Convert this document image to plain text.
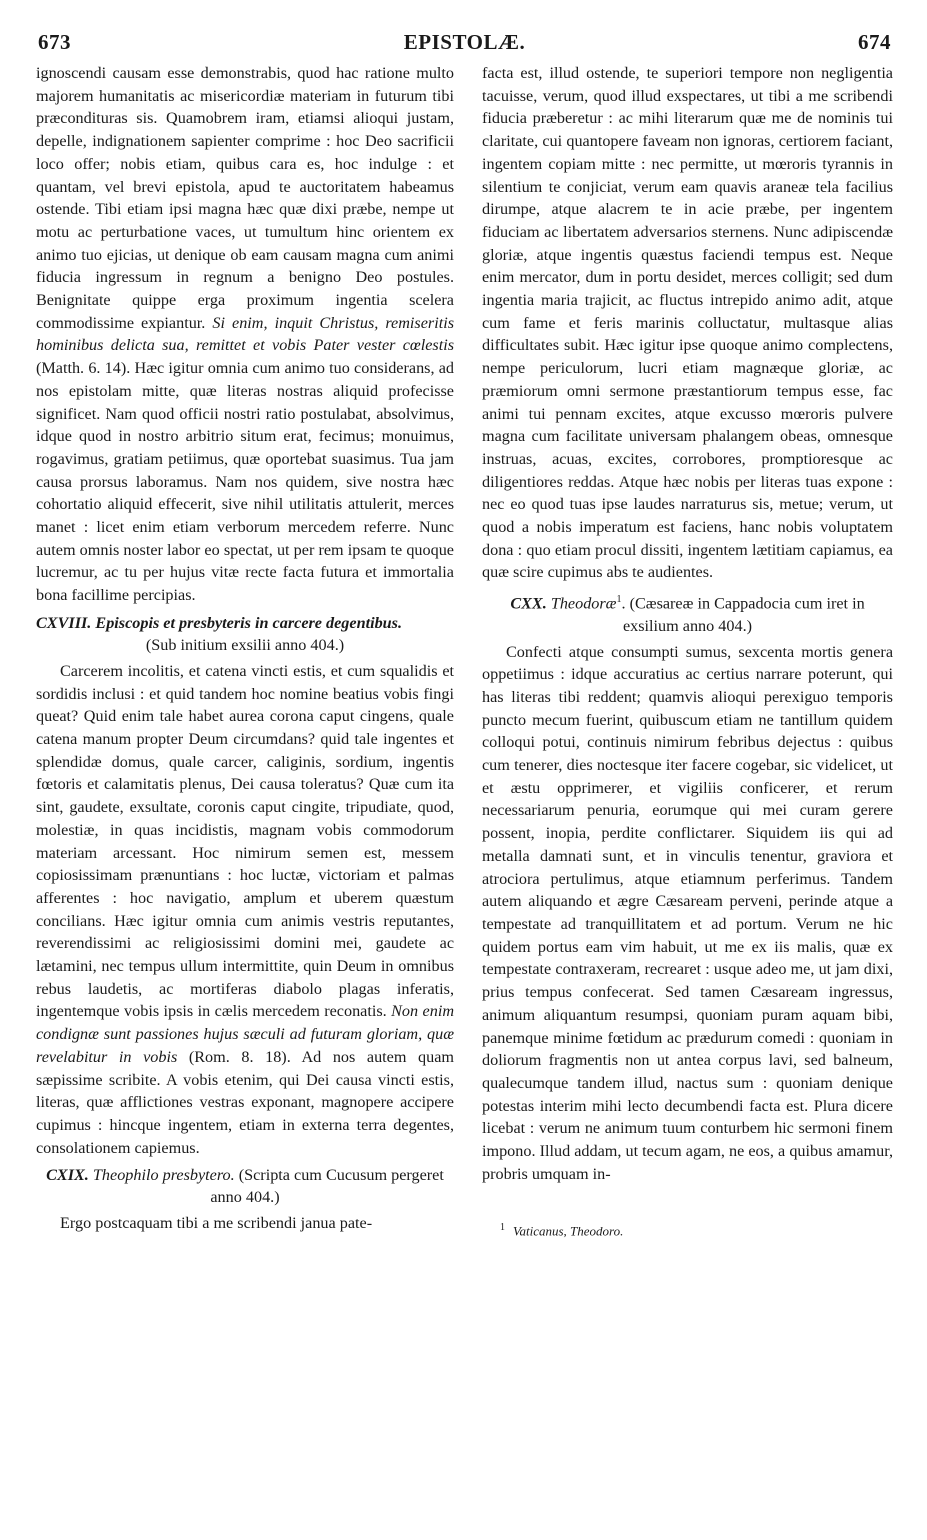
673	EPISTOLÆ.	674

ignoscendi causam esse demonstrabis, quod hac ratione multo majorem humanitatis ac misericordiæ materiam in futurum tibi præcondituras sis. Quamobrem iram, etiamsi alioqui justam, depelle, indignationem sapienter comprime : hoc Deo sacrificii loco offer; nobis etiam, quibus cara es, hoc indulge : et quantam, vel brevi epistola, apud te auctoritatem habeamus ostende. Tibi etiam ipsi magna hæc quæ dixi præbe, nempe ut motu ac perturbatione vaces, ut tumultum hinc orientem ex animo tuo ejicias, ut denique ob eam causam magna cum animi fiducia ingressum in regnum a benigno Deo postules. Benignitate quippe erga proximum ingentia scelera commodissime expiantur. Si enim, inquit Christus, remiseritis hominibus delicta sua, remittet et vobis Pater vester cœlestis (Matth. 6. 14). Hæc igitur omnia cum animo tuo considerans, ad nos epistolam mitte, quæ literas nostras aliquid profecisse significet. Nam quod officii nostri ratio postulabat, absolvimus, idque quod in nostro arbitrio situm erat, fecimus; monuimus, rogavimus, gratiam petiimus, quæ oportebat suasimus. Tua jam causa prorsus laboramus. Nam nos quidem, sive nostra hæc cohortatio aliquid effecerit, sive nihil utilitatis attulerit, merces manet : licet enim etiam verborum mercedem referre. Nunc autem omnis noster labor eo spectat, ut per rem ipsam te quoque lucremur, ac tu per hujus vitæ recte facta futura et immortalia bona facillime percipias.

CXVIII. Episcopis et presbyteris in carcere degentibus.
(Sub initium exsilii anno 404.)

Carcerem incolitis, et catena vincti estis, et cum squalidis et sordidis inclusi : et quid tandem hoc nomine beatius vobis fingi queat? Quid enim tale habet aurea corona caput cingens, quale catena manum propter Deum circumdans? quid tale ingentes et splendidæ domus, quale carcer, caliginis, sordium, ingentis fœtoris et calamitatis plenus, Dei causa toleratus? Quæ cum ita sint, gaudete, exsultate, coronis caput cingite, tripudiate, quod, molestiæ, in quas incidistis, magnam vobis commodorum materiam arcessant. Hoc nimirum semen est, messem copiosissimam prænuntians : hoc luctæ, victoriam et palmas afferentes : hoc navigatio, amplum et uberem quæstum concilians. Hæc igitur omnia cum animis vestris reputantes, reverendissimi ac religiosissimi domini mei, gaudete ac lætamini, nec tempus ullum intermittite, quin Deum in omnibus rebus laudetis, ac mortiferas diabolo plagas inferatis, ingentemque vobis ipsis in cælis mercedem reconatis. Non enim condignæ sunt passiones hujus sæculi ad futuram gloriam, quæ revelabitur in vobis (Rom. 8. 18). Ad nos autem quam sæpissime scribite. A vobis etenim, qui Dei causa vincti estis, literas, quæ afflictiones vestras exponant, magnopere accipere cupimus : hincque ingentem, etiam in externa terra degentes, consolationem capiemus.

CXIX. Theophilo presbytero. (Scripta cum Cucusum pergeret anno 404.)

Ergo postcaquam tibi a me scribendi janua pate-

facta est, illud ostende, te superiori tempore non negligentia tacuisse, verum, quod illud exspectares, ut tibi a me scribendi fiducia præberetur : ac mihi literarum quæ me de nominis tui claritate, cui quantopere faveam non ignoras, certiorem faciant, ingentem copiam mitte : nec permitte, ut mœroris tyrannis in silentium te conjiciat, verum eam quavis araneæ tela facilius dirumpe, atque alacrem te in acie præbe, per ingentem fiduciam ac libertatem adversarios sternens. Nunc adipiscendæ gloriæ, atque ingentis quæstus faciendi tempus est. Neque enim mercator, dum in portu desidet, merces colligit; sed dum ingentia maria trajicit, ac fluctus intrepido animo adit, atque cum fame et feris marinis colluctatur, multasque alias difficultates subit. Hæc igitur ipse quoque animo complectens, nempe periculorum, lucri etiam magnæque gloriæ, ac præmiorum omni sermone præstantiorum tempus esse, fac animi tui pennam excites, atque excusso mœroris pulvere magna cum facilitate universam phalangem obeas, omnesque instruas, acuas, excites, corrobores, promptioresque ac diligentiores reddas. Atque hæc nobis per literas tuas expone : nec eo quod tuas ipse laudes narraturus sis, metue; verum, ut quod a nobis imperatum est faciens, hanc nobis voluptatem dona : quo etiam procul dissiti, ingentem lætitiam capiamus, ea quæ scire cupimus abs te audientes.

CXX. Theodoræ$^1$. (Cæsareæ in Cappadocia cum iret in exsilium anno 404.)

Confecti atque consumpti sumus, sexcenta mortis genera oppetiimus : idque accuratius ac certius narrare poterunt, qui has literas tibi reddent; quamvis alioqui perexiguo temporis puncto mecum fuerint, quibuscum etiam ne tantillum quidem colloqui potui, continuis nimirum febribus dejectus : quibus cum tenerer, dies noctesque iter facere cogebar, sic videlicet, ut et æstu opprimerer, et vigiliis conficerer, et rerum necessariarum penuria, eorumque qui mei curam gerere possent, inopia, perdite conflictarer. Siquidem iis qui ad metalla damnati sunt, et in vinculis tenentur, graviora et atrociora pertulimus, atque etiamnum perferimus. Tandem autem aliquando et ægre Cæsaream perveni, perinde atque a tempestate ad tranquillitatem et ad portum. Verum ne hic quidem portus eam vim habuit, ut me ex iis malis, quæ ex tempestate contraxeram, recrearet : usque adeo me, ut jam dixi, prius tempus confecerat. Sed tamen Cæsaream ingressus, animum aliquantum resumpsi, quoniam puram aquam bibi, panemque minime fœtidum ac prædurum comedi : quoniam in doliorum fragmentis non ut antea corpus lavi, sed balneum, qualecumque tandem illud, nactus sum : quoniam denique potestas interim mihi lecto decumbendi facta est. Plura dicere licebat : verum ne animum tuum conturbem hic sermoni finem impono. Illud addam, ut tecum agam, ne eos, a quibus amamur, probris umquam in-

$^1$ Vaticanus, Theodoro.
